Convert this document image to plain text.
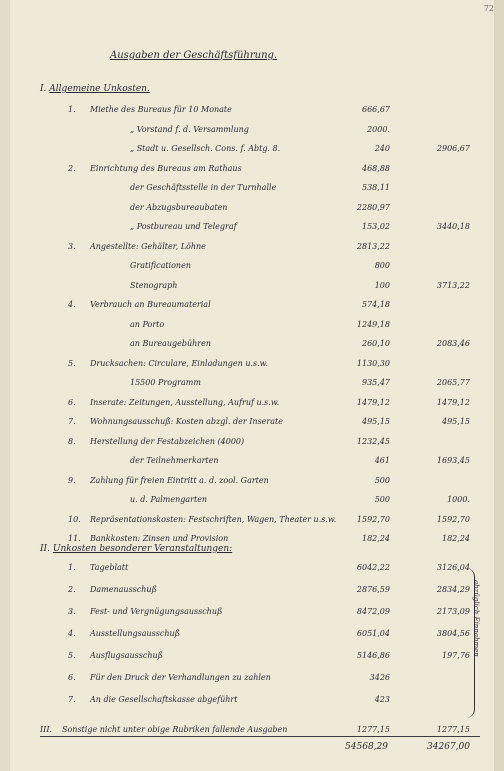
72
Ausgaben der Geschäftsführung.
I. Allgemeine Unkosten.
1. Miethe des Bureaus für 10 Monate	666,67
„ Vorstand f. d. Versammlung	2000.
„ Stadt u. Gesellsch. Cons. f. Abtg. 8.	240	2906,67
2. Einrichtung des Bureaus am Rathaus	468,88
der Geschäftsstelle in der Turnhalle	538,11
der Abzugsbureaubaten	2280,97
„ Postbureau und Telegraf	153,02	3440,18
3. Angestellte: Gehälter, Löhne	2813,22
Gratificationen	800
Stenograph	100	3713,22
4. Verbrauch an Bureaumaterial	574,18
an Porto	1249,18
an Bureaugebühren	260,10	2083,46
5. Drucksachen: Circulare, Einladungen u.s.w.	1130,30
15500 Programm	935,47	2065,77
6. Inserate: Zeitungen, Ausstellung, Aufruf u.s.w.	1479,12	1479,12
7. Wohnungsausschuß: Kosten abzgl. der Inserate	495,15	495,15
8. Herstellung der Festabzeichen (4000)	1232,45
der Teilnehmerkarten	461	1693,45
9. Zahlung für freien Eintritt a. d. zool. Garten	500
u. d. Palmengarten	500	1000.
10. Repräsentationskosten: Festschriften, Wagen, Theater u.s.w.	1592,70	1592,70
11. Bankkosten: Zinsen und Provision	182,24	182,24
II. Unkosten besonderer Veranstaltungen:
1. Tageblatt	6042,22	3126,04
2. Damenausschuß	2876,59	2834,29
3. Fest- und Vergnügungsausschuß	8472,09	2173,09
4. Ausstellungsausschuß	6051,04	3804,56
5. Ausflugsausschuß	5146,86	197,76
6. Für den Druck der Verhandlungen zu zahlen	3426
7. An die Gesellschaftskasse abgeführt	423
abzüglich Einnahmen
III. Sonstige nicht unter obige Rubriken fallende Ausgaben	1277,15	1277,15
54568,29	34267,00
